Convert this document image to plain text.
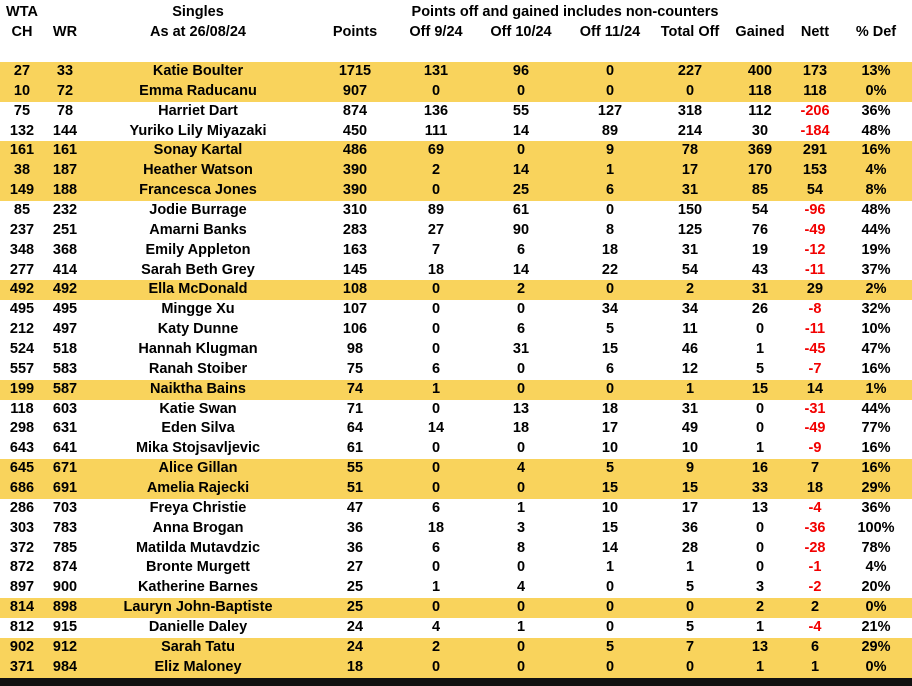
WTA	Singles	Points off and gained includes non-counters
CH	WR	As at 26/08/24	Points	Off 9/24	Off 10/24	Off 11/24	Total Off	Gained	Nett	% Def
27	33	Katie Boulter	1715	131	96	0	227	400	173	13%
10	72	Emma Raducanu	907	0	0	0	0	118	118	0%
75	78	Harriet Dart	874	136	55	127	318	112	-206	36%
132	144	Yuriko Lily Miyazaki	450	111	14	89	214	30	-184	48%
161	161	Sonay Kartal	486	69	0	9	78	369	291	16%
38	187	Heather Watson	390	2	14	1	17	170	153	4%
149	188	Francesca Jones	390	0	25	6	31	85	54	8%
85	232	Jodie Burrage	310	89	61	0	150	54	-96	48%
237	251	Amarni Banks	283	27	90	8	125	76	-49	44%
348	368	Emily Appleton	163	7	6	18	31	19	-12	19%
277	414	Sarah Beth Grey	145	18	14	22	54	43	-11	37%
492	492	Ella McDonald	108	0	2	0	2	31	29	2%
495	495	Mingge Xu	107	0	0	34	34	26	-8	32%
212	497	Katy Dunne	106	0	6	5	11	0	-11	10%
524	518	Hannah Klugman	98	0	31	15	46	1	-45	47%
557	583	Ranah Stoiber	75	6	0	6	12	5	-7	16%
199	587	Naiktha Bains	74	1	0	0	1	15	14	1%
118	603	Katie Swan	71	0	13	18	31	0	-31	44%
298	631	Eden Silva	64	14	18	17	49	0	-49	77%
643	641	Mika Stojsavljevic	61	0	0	10	10	1	-9	16%
645	671	Alice Gillan	55	0	4	5	9	16	7	16%
686	691	Amelia Rajecki	51	0	0	15	15	33	18	29%
286	703	Freya Christie	47	6	1	10	17	13	-4	36%
303	783	Anna Brogan	36	18	3	15	36	0	-36	100%
372	785	Matilda Mutavdzic	36	6	8	14	28	0	-28	78%
872	874	Bronte Murgett	27	0	0	1	1	0	-1	4%
897	900	Katherine Barnes	25	1	4	0	5	3	-2	20%
814	898	Lauryn John-Baptiste	25	0	0	0	0	2	2	0%
812	915	Danielle Daley	24	4	1	0	5	1	-4	21%
902	912	Sarah Tatu	24	2	0	5	7	13	6	29%
371	984	Eliz Maloney	18	0	0	0	0	1	1	0%
